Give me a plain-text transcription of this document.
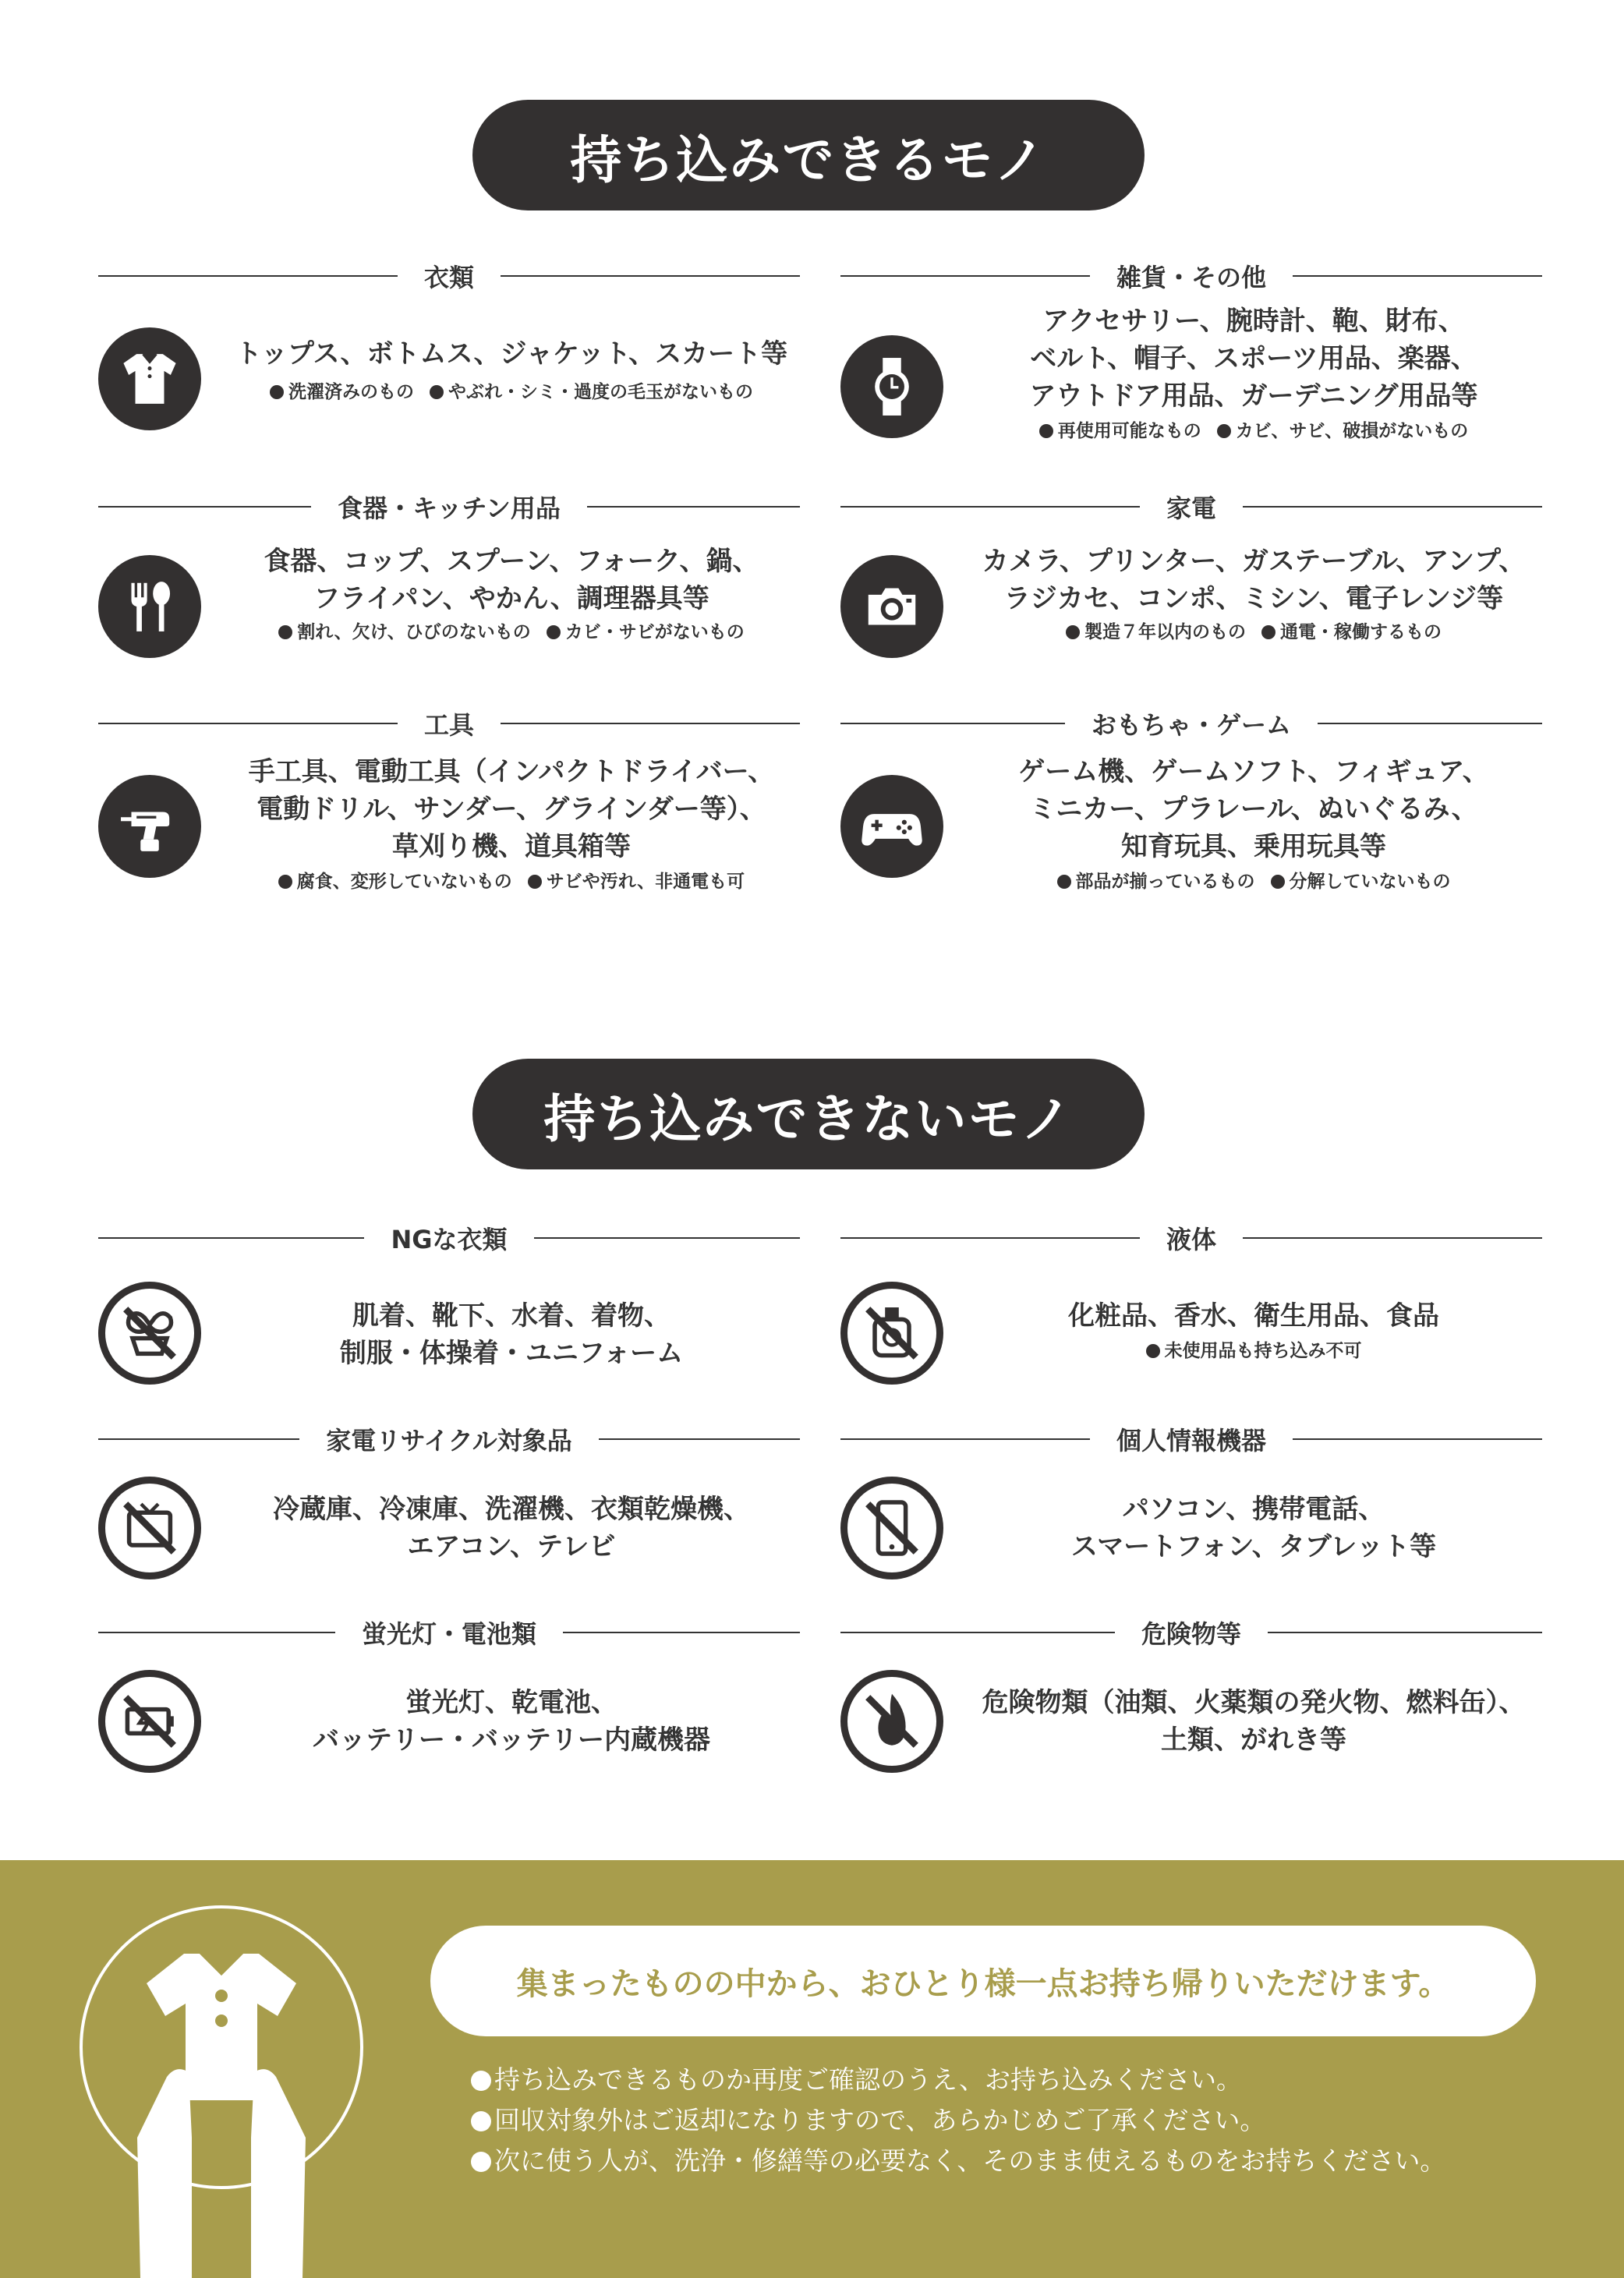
持ち込みできるモノ
持ち込みできないモノ
衣類
トップス、ボトムス、ジャケット、スカート等
洗濯済みのもの やぶれ・シミ・過度の毛玉がないもの
雑貨・その他
アクセサリー、腕時計、鞄、財布、
ベルト、帽子、スポーツ用品、楽器、
アウトドア用品、ガーデニング用品等
再使用可能なもの カビ、サビ、破損がないもの
食器・キッチン用品
食器、コップ、スプーン、フォーク、鍋、
フライパン、やかん、調理器具等
割れ、欠け、ひびのないもの カビ・サビがないもの
家電
カメラ、プリンター、ガステーブル、アンプ、
ラジカセ、コンポ、ミシン、電子レンジ等
製造７年以内のもの 通電・稼働するもの
工具
手工具、電動工具（インパクトドライバー、
電動ドリル、サンダー、グラインダー等）、
草刈り機、道具箱等
腐食、変形していないもの サビや汚れ、非通電も可
おもちゃ・ゲーム
ゲーム機、ゲームソフト、フィギュア、
ミニカー、プラレール、ぬいぐるみ、
知育玩具、乗用玩具等
部品が揃っているもの 分解していないもの
NGな衣類
肌着、靴下、水着、着物、
制服・体操着・ユニフォーム
液体
化粧品、香水、衛生用品、食品
未使用品も持ち込み不可
家電リサイクル対象品
冷蔵庫、冷凍庫、洗濯機、衣類乾燥機、
エアコン、テレビ
個人情報機器
パソコン、携帯電話、
スマートフォン、タブレット等
蛍光灯・電池類
蛍光灯、乾電池、
バッテリー・バッテリー内蔵機器
危険物等
危険物類（油類、火薬類の発火物、燃料缶）、
土類、がれき等
集まったものの中から、おひとり様一点お持ち帰りいただけます。
持ち込みできるものか再度ご確認のうえ、お持ち込みください。
回収対象外はご返却になりますので、あらかじめご了承ください。
次に使う人が、洗浄・修繕等の必要なく、そのまま使えるものをお持ちください。
